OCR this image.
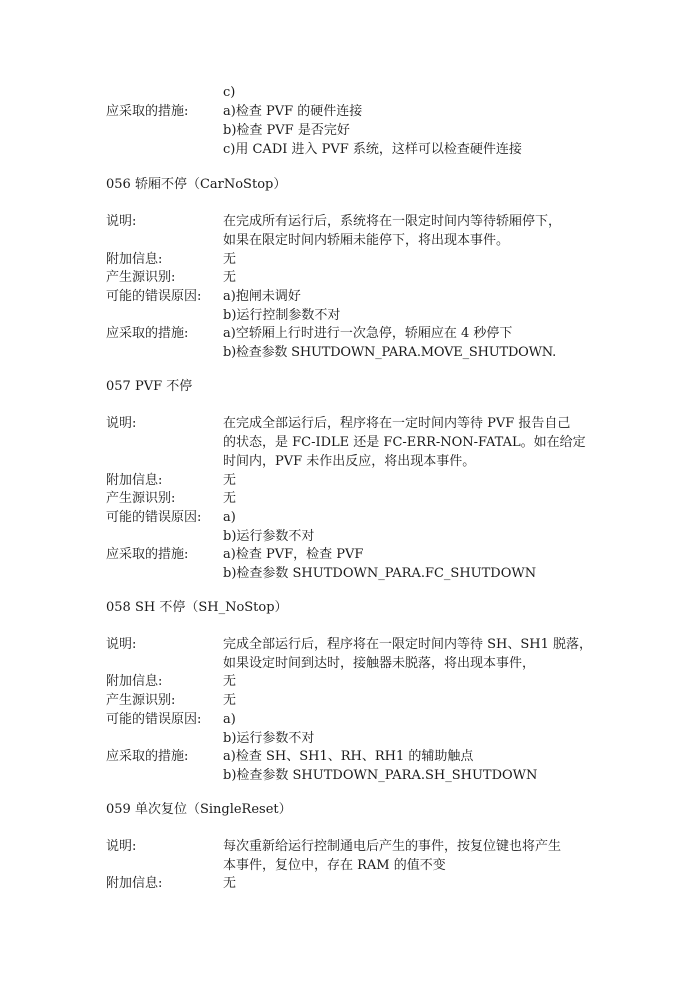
c)
应采取的措施:	a)检查 PVF 的硬件连接
b)检查 PVF 是否完好
c)用 CADI 进入 PVF 系统，这样可以检查硬件连接
056 轿厢不停（CarNoStop）
说明:	在完成所有运行后，系统将在一限定时间内等待轿厢停下，
如果在限定时间内轿厢未能停下，将出现本事件。
附加信息:	无
产生源识别:	无
可能的错误原因: a)抱闸未调好
b)运行控制参数不对
应采取的措施:	a)空轿厢上行时进行一次急停，轿厢应在 4 秒停下
b)检查参数 SHUTDOWN_PARA.MOVE_SHUTDOWN.
057 PVF 不停
说明:	在完成全部运行后，程序将在一定时间内等待 PVF 报告自己
的状态，是 FC-IDLE 还是 FC-ERR-NON-FATAL。如在给定
时间内，PVF 未作出反应，将出现本事件。
附加信息:	无
产生源识别:	无
可能的错误原因: a)
b)运行参数不对
应采取的措施:	a)检查 PVF，检查 PVF
b)检查参数 SHUTDOWN_PARA.FC_SHUTDOWN
058 SH 不停（SH_NoStop）
说明:	完成全部运行后，程序将在一限定时间内等待 SH、SH1 脱落，
如果设定时间到达时，接触器未脱落，将出现本事件，
附加信息:	无
产生源识别:	无
可能的错误原因: a)
b)运行参数不对
应采取的措施:	a)检查 SH、SH1、RH、RH1 的辅助触点
b)检查参数 SHUTDOWN_PARA.SH_SHUTDOWN
059 单次复位（SingleReset）
说明:	每次重新给运行控制通电后产生的事件，按复位键也将产生
本事件，复位中，存在 RAM 的值不变
附加信息:	无
